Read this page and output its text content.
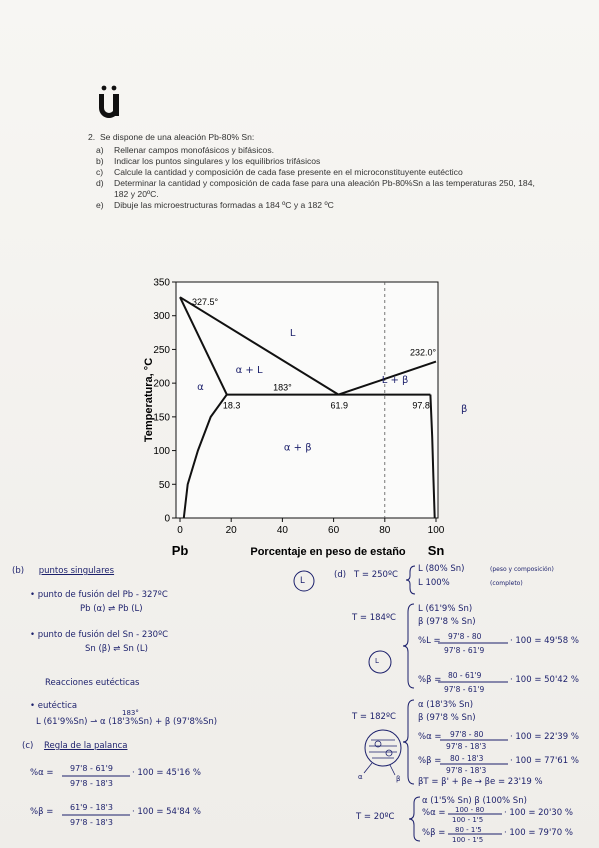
2. Se dispone de una aleación Pb-80% Sn:
a) Rellenar campos monofásicos y bifásicos.
b) Indicar los puntos singulares y los equilibrios trifásicos
c) Calcule la cantidad y composición de cada fase presente en el microconstituyente eutéctico
d) Determinar la cantidad y composición de cada fase para una aleación Pb-80%Sn a las temperaturas 250, 184, 182 y 20ºC.
e) Dibuje las microestructuras formadas a 184 ºC y a 182 ºC
327.5°
232.0°
18.3	61.9	97.8
183°
L
α + L
α
L + β
α + β
β
0	20	40	60	80	100
0
50
100
150
200
250
300
350
Temperatura, °C
Porcentaje en peso de estaño
Pb	Sn
(b) puntos singulares
• punto de fusión del Pb - 327ºC
Pb (α) ⇌ Pb (L)
• punto de fusión del Sn - 230ºC
Sn (β) ⇌ Sn (L)
Reacciones eutécticas
• eutéctica
183°
L (61'9%Sn) ⇀ α (18'3%Sn) + β (97'8%Sn)
(c) Regla de la palanca
%α = 97'8 - 61'9
97'8 - 18'3
· 100 = 45'16 %
%β = 61'9 - 18'3
97'8 - 18'3
· 100 = 54'84 %
L
(d) T = 250ºC
L (80% Sn)
L 100%
(peso y composición)
(completo)
T = 184ºC
L (61'9% Sn)
β (97'8 % Sn)
%L = 97'8 - 80
97'8 - 61'9
· 100 = 49'58 %
%β = 80 - 61'9
97'8 - 61'9
· 100 = 50'42 %
L
T = 182ºC
α (18'3% Sn)
β (97'8 % Sn)
%α = 97'8 - 80
97'8 - 18'3
· 100 = 22'39 %
%β = 80 - 18'3
97'8 - 18'3
· 100 = 77'61 %
βT = β' + βe → βe = 23'19 %
α	β
T = 20ºC
α (1'5% Sn) β (100% Sn)
%α = 100 - 80
100 - 1'5
· 100 = 20'30 %
%β = 80 - 1'5
100 - 1'5
· 100 = 79'70 %
